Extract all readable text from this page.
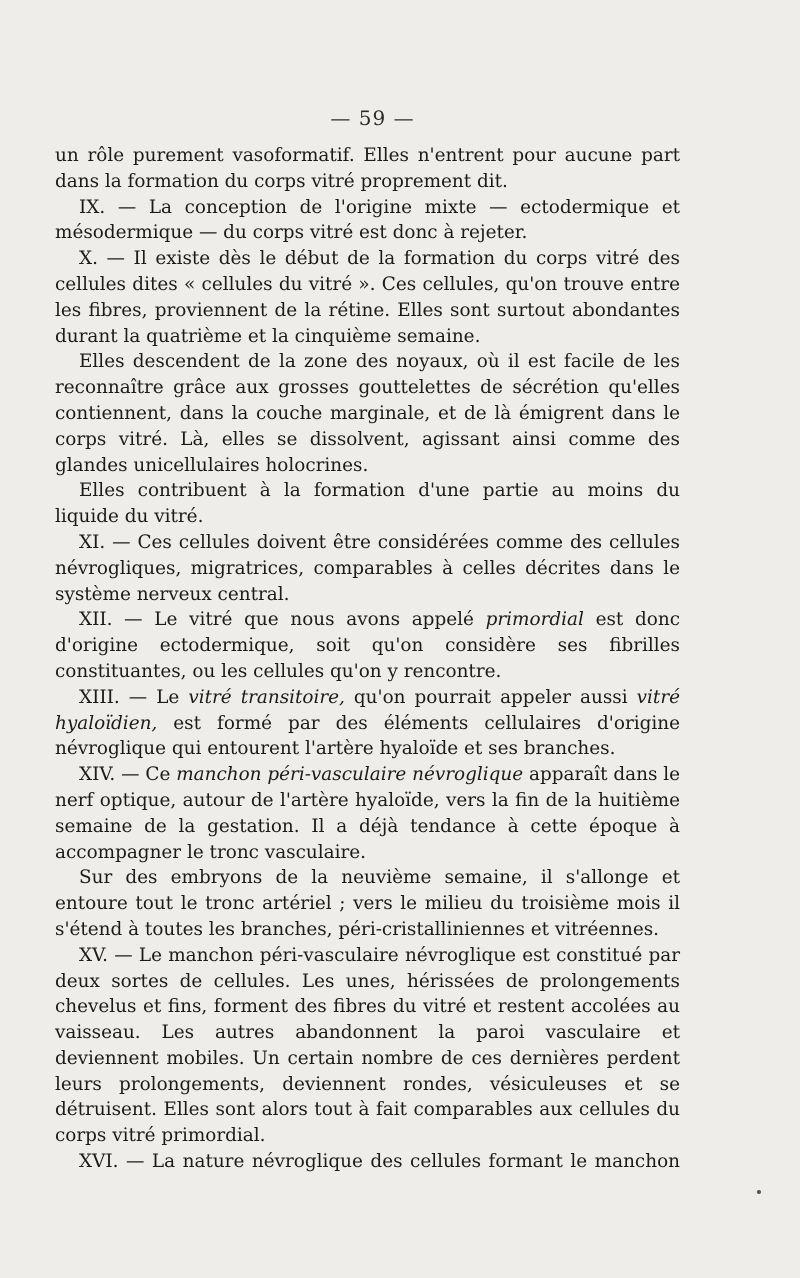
— 59 —

un rôle purement vasoformatif. Elles n'entrent pour aucune part dans la formation du corps vitré proprement dit.

IX. — La conception de l'origine mixte — ectodermique et mésodermique — du corps vitré est donc à rejeter.

X. — Il existe dès le début de la formation du corps vitré des cellules dites « cellules du vitré ». Ces cellules, qu'on trouve entre les fibres, proviennent de la rétine. Elles sont surtout abondantes durant la quatrième et la cinquième semaine.

Elles descendent de la zone des noyaux, où il est facile de les reconnaître grâce aux grosses gouttelettes de sécrétion qu'elles contiennent, dans la couche marginale, et de là émigrent dans le corps vitré. Là, elles se dissolvent, agissant ainsi comme des glandes unicellulaires holocrines.

Elles contribuent à la formation d'une partie au moins du liquide du vitré.

XI. — Ces cellules doivent être considérées comme des cellules névrogliques, migratrices, comparables à celles décrites dans le système nerveux central.

XII. — Le vitré que nous avons appelé primordial est donc d'origine ectodermique, soit qu'on considère ses fibrilles constituantes, ou les cellules qu'on y rencontre.

XIII. — Le vitré transitoire, qu'on pourrait appeler aussi vitré hyaloïdien, est formé par des éléments cellulaires d'origine névroglique qui entourent l'artère hyaloïde et ses branches.

XIV. — Ce manchon péri-vasculaire névroglique apparaît dans le nerf optique, autour de l'artère hyaloïde, vers la fin de la huitième semaine de la gestation. Il a déjà tendance à cette époque à accompagner le tronc vasculaire.

Sur des embryons de la neuvième semaine, il s'allonge et entoure tout le tronc artériel ; vers le milieu du troisième mois il s'étend à toutes les branches, péri-cristalliniennes et vitréennes.

XV. — Le manchon péri-vasculaire névroglique est constitué par deux sortes de cellules. Les unes, hérissées de prolongements chevelus et fins, forment des fibres du vitré et restent accolées au vaisseau. Les autres abandonnent la paroi vasculaire et deviennent mobiles. Un certain nombre de ces dernières perdent leurs prolongements, deviennent rondes, vésiculeuses et se détruisent. Elles sont alors tout à fait comparables aux cellules du corps vitré primordial.

XVI. — La nature névroglique des cellules formant le manchon
